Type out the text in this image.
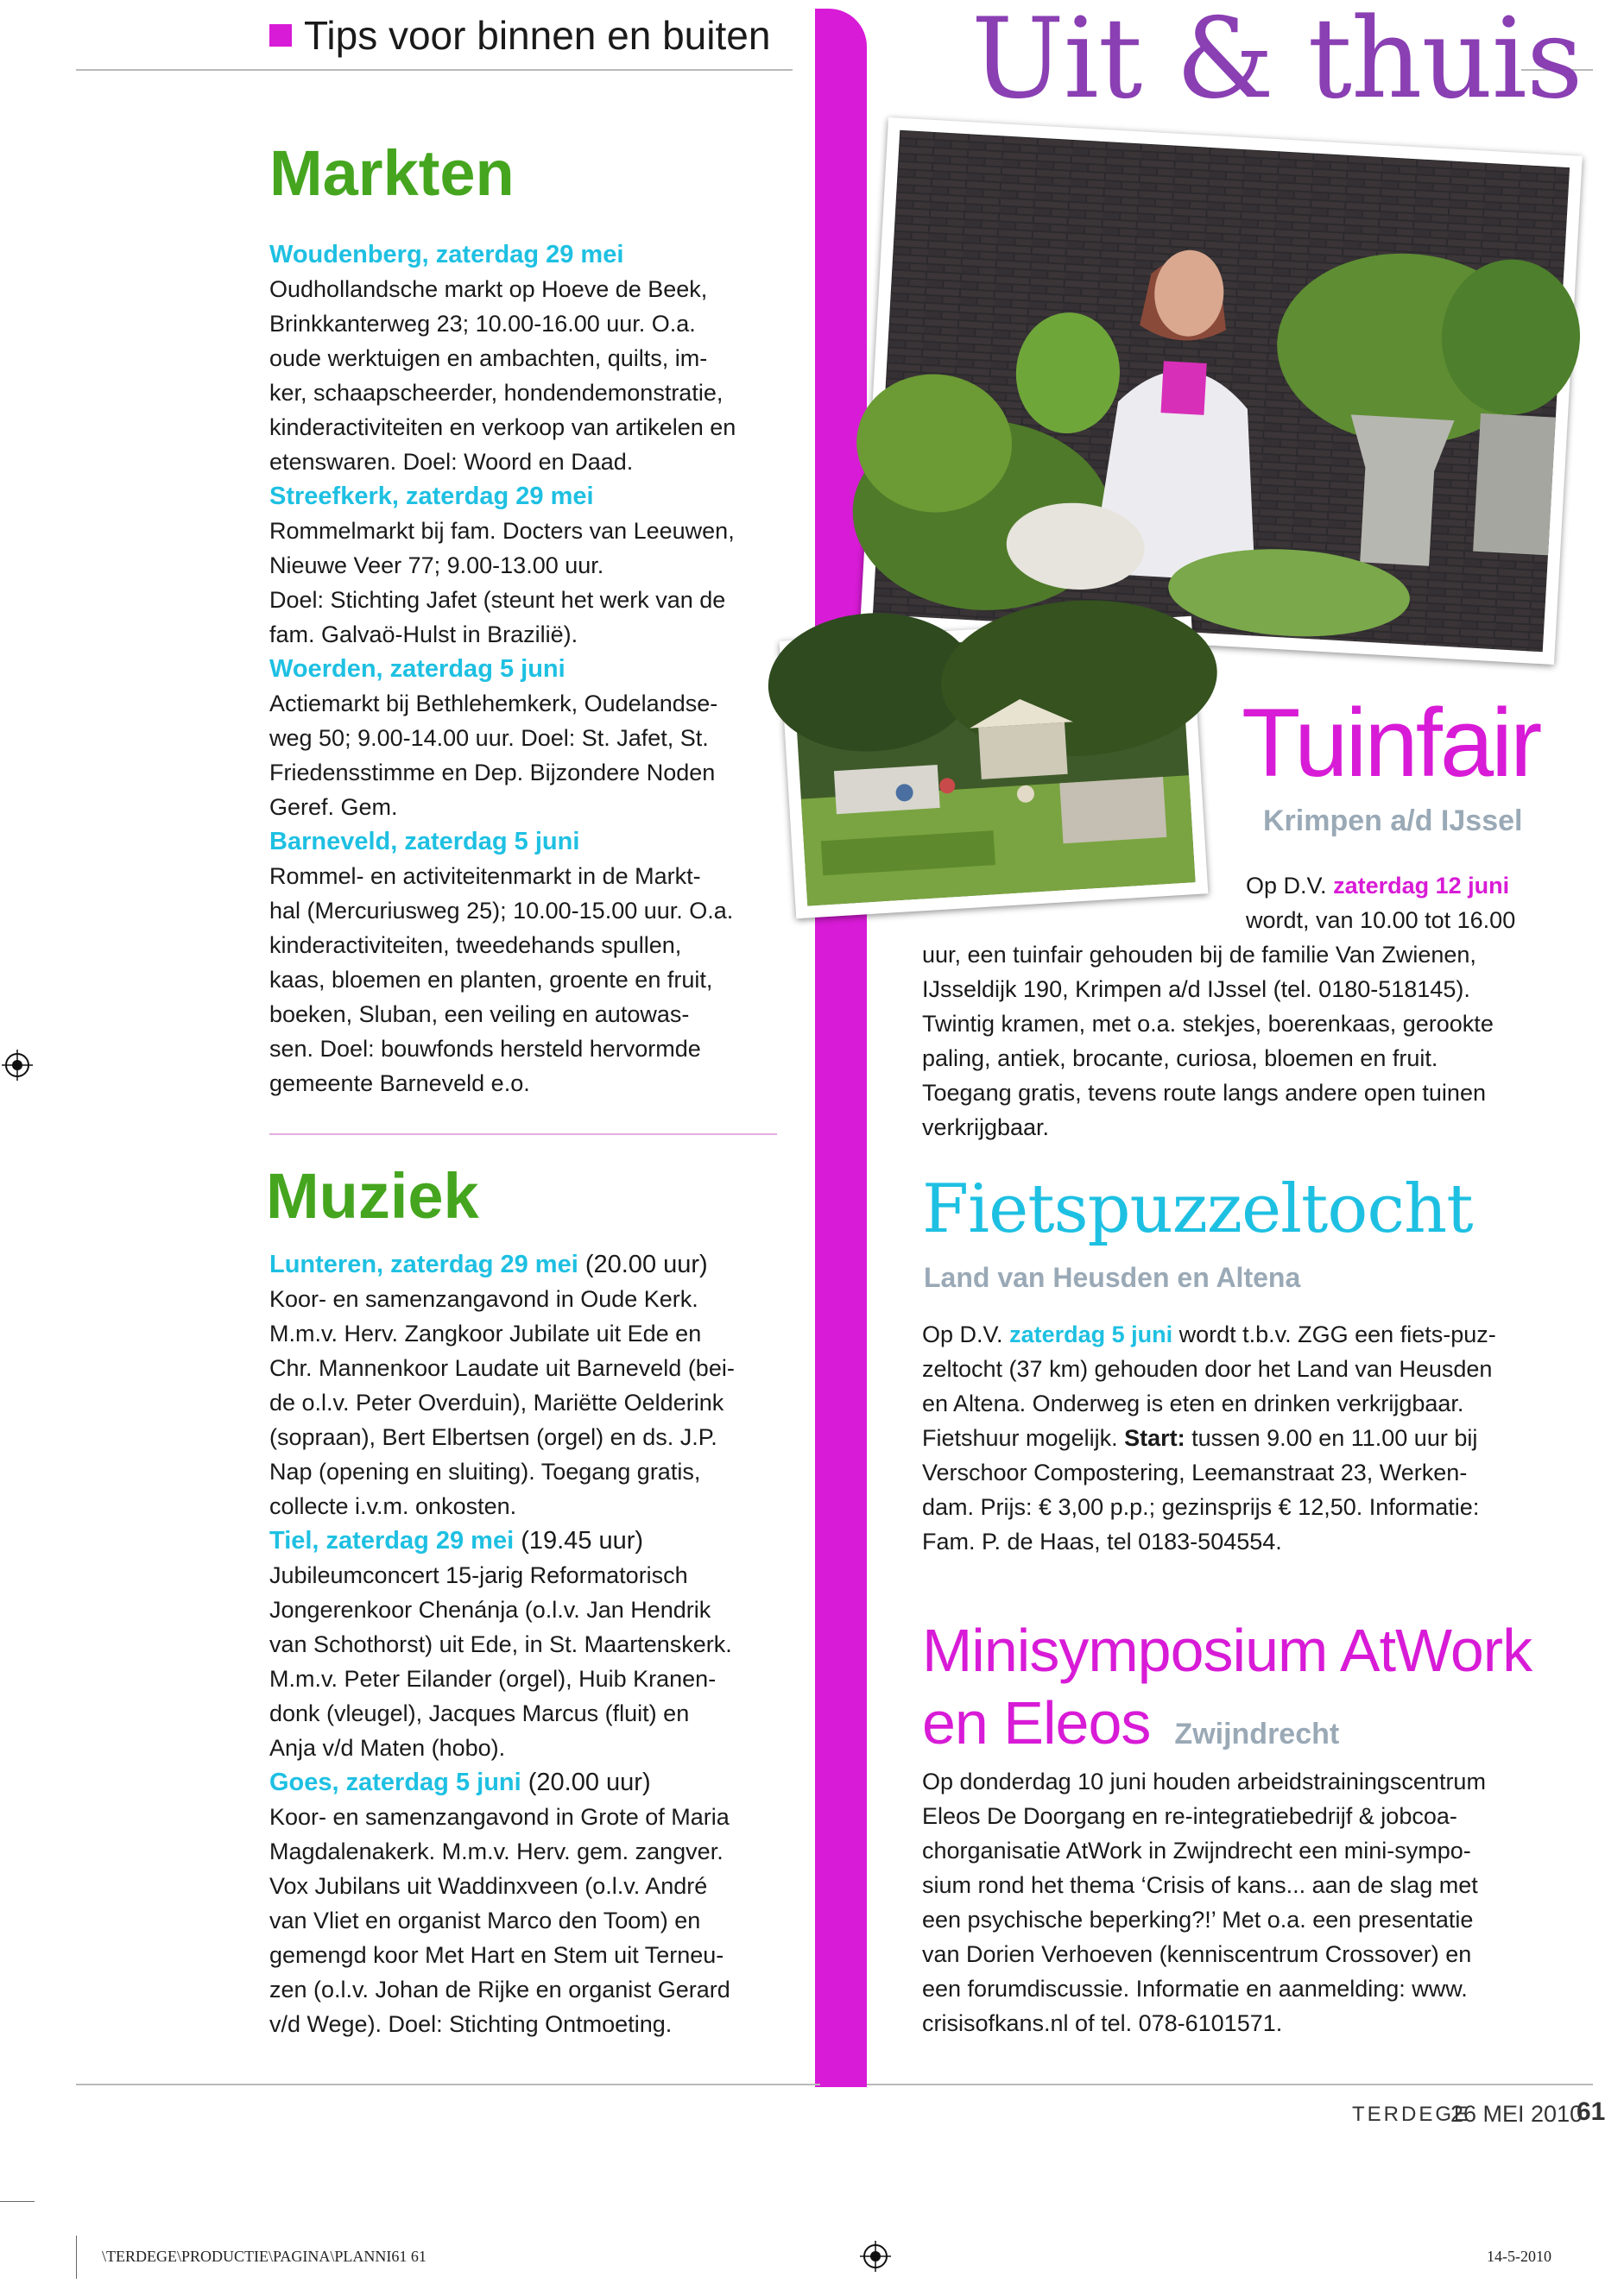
Tips voor binnen en buiten Uit & thuis
Markten
Woudenberg, zaterdag 29 mei
Oudhollandsche markt op Hoeve de Beek,
Brinkkanterweg 23; 10.00-16.00 uur. O.a.
oude werktuigen en ambachten, quilts, im-
ker, schaapscheerder, hondendemonstratie,
kinderactiviteiten en verkoop van artikelen en
etenswaren. Doel: Woord en Daad.
Streefkerk, zaterdag 29 mei
Rommelmarkt bij fam. Docters van Leeuwen,
Nieuwe Veer 77; 9.00-13.00 uur.
Doel: Stichting Jafet (steunt het werk van de
fam. Galvaö-Hulst in Brazilië).
Woerden, zaterdag 5 juni
Actiemarkt bij Bethlehemkerk, Oudelandse-
weg 50; 9.00-14.00 uur. Doel: St. Jafet, St.
Friedensstimme en Dep. Bijzondere Noden
Geref. Gem.
Barneveld, zaterdag 5 juni
Rommel- en activiteitenmarkt in de Markt-
hal (Mercuriusweg 25); 10.00-15.00 uur. O.a.
kinderactiviteiten, tweedehands spullen,
kaas, bloemen en planten, groente en fruit,
boeken, Sluban, een veiling en autowas-
sen. Doel: bouwfonds hersteld hervormde
gemeente Barneveld e.o.
Muziek
Lunteren, zaterdag 29 mei (20.00 uur)
Koor- en samenzangavond in Oude Kerk.
M.m.v. Herv. Zangkoor Jubilate uit Ede en
Chr. Mannenkoor Laudate uit Barneveld (bei-
de o.l.v. Peter Overduin), Mariëtte Oelderink
(sopraan), Bert Elbertsen (orgel) en ds. J.P.
Nap (opening en sluiting). Toegang gratis,
collecte i.v.m. onkosten.
Tiel, zaterdag 29 mei (19.45 uur)
Jubileumconcert 15-jarig Reformatorisch
Jongerenkoor Chenánja (o.l.v. Jan Hendrik
van Schothorst) uit Ede, in St. Maartenskerk.
M.m.v. Peter Eilander (orgel), Huib Kranen-
donk (vleugel), Jacques Marcus (fluit) en
Anja v/d Maten (hobo).
Goes, zaterdag 5 juni (20.00 uur)
Koor- en samenzangavond in Grote of Maria
Magdalenakerk. M.m.v. Herv. gem. zangver.
Vox Jubilans uit Waddinxveen (o.l.v. André
van Vliet en organist Marco den Toom) en
gemengd koor Met Hart en Stem uit Terneu-
zen (o.l.v. Johan de Rijke en organist Gerard
v/d Wege). Doel: Stichting Ontmoeting.
Tuinfair
Krimpen a/d IJssel
Op D.V. zaterdag 12 juni
wordt, van 10.00 tot 16.00
uur, een tuinfair gehouden bij de familie Van Zwienen,
IJsseldijk 190, Krimpen a/d IJssel (tel. 0180-518145).
Twintig kramen, met o.a. stekjes, boerenkaas, gerookte
paling, antiek, brocante, curiosa, bloemen en fruit.
Toegang gratis, tevens route langs andere open tuinen
verkrijgbaar.
Fietspuzzeltocht
Land van Heusden en Altena
Op D.V. zaterdag 5 juni wordt t.b.v. ZGG een fiets-puz-
zeltocht (37 km) gehouden door het Land van Heusden
en Altena. Onderweg is eten en drinken verkrijgbaar.
Fietshuur mogelijk. Start: tussen 9.00 en 11.00 uur bij
Verschoor Compostering, Leemanstraat 23, Werken-
dam. Prijs: € 3,00 p.p.; gezinsprijs € 12,50. Informatie:
Fam. P. de Haas, tel 0183-504554.
Minisymposium AtWork
en Eleos Zwijndrecht
Op donderdag 10 juni houden arbeidstrainingscentrum
Eleos De Doorgang en re-integratiebedrijf & jobcoa-
chorganisatie AtWork in Zwijndrecht een mini-sympo-
sium rond het thema ‘Crisis of kans... aan de slag met
een psychische beperking?!’ Met o.a. een presentatie
van Dorien Verhoeven (kenniscentrum Crossover) en
een forumdiscussie. Informatie en aanmelding: www.
crisisofkans.nl of tel. 078-6101571.
TERDEGE
26 MEI 2010
61
\TERDEGE\PRODUCTIE\PAGINA\PLANNI61 61	14-5-2010
